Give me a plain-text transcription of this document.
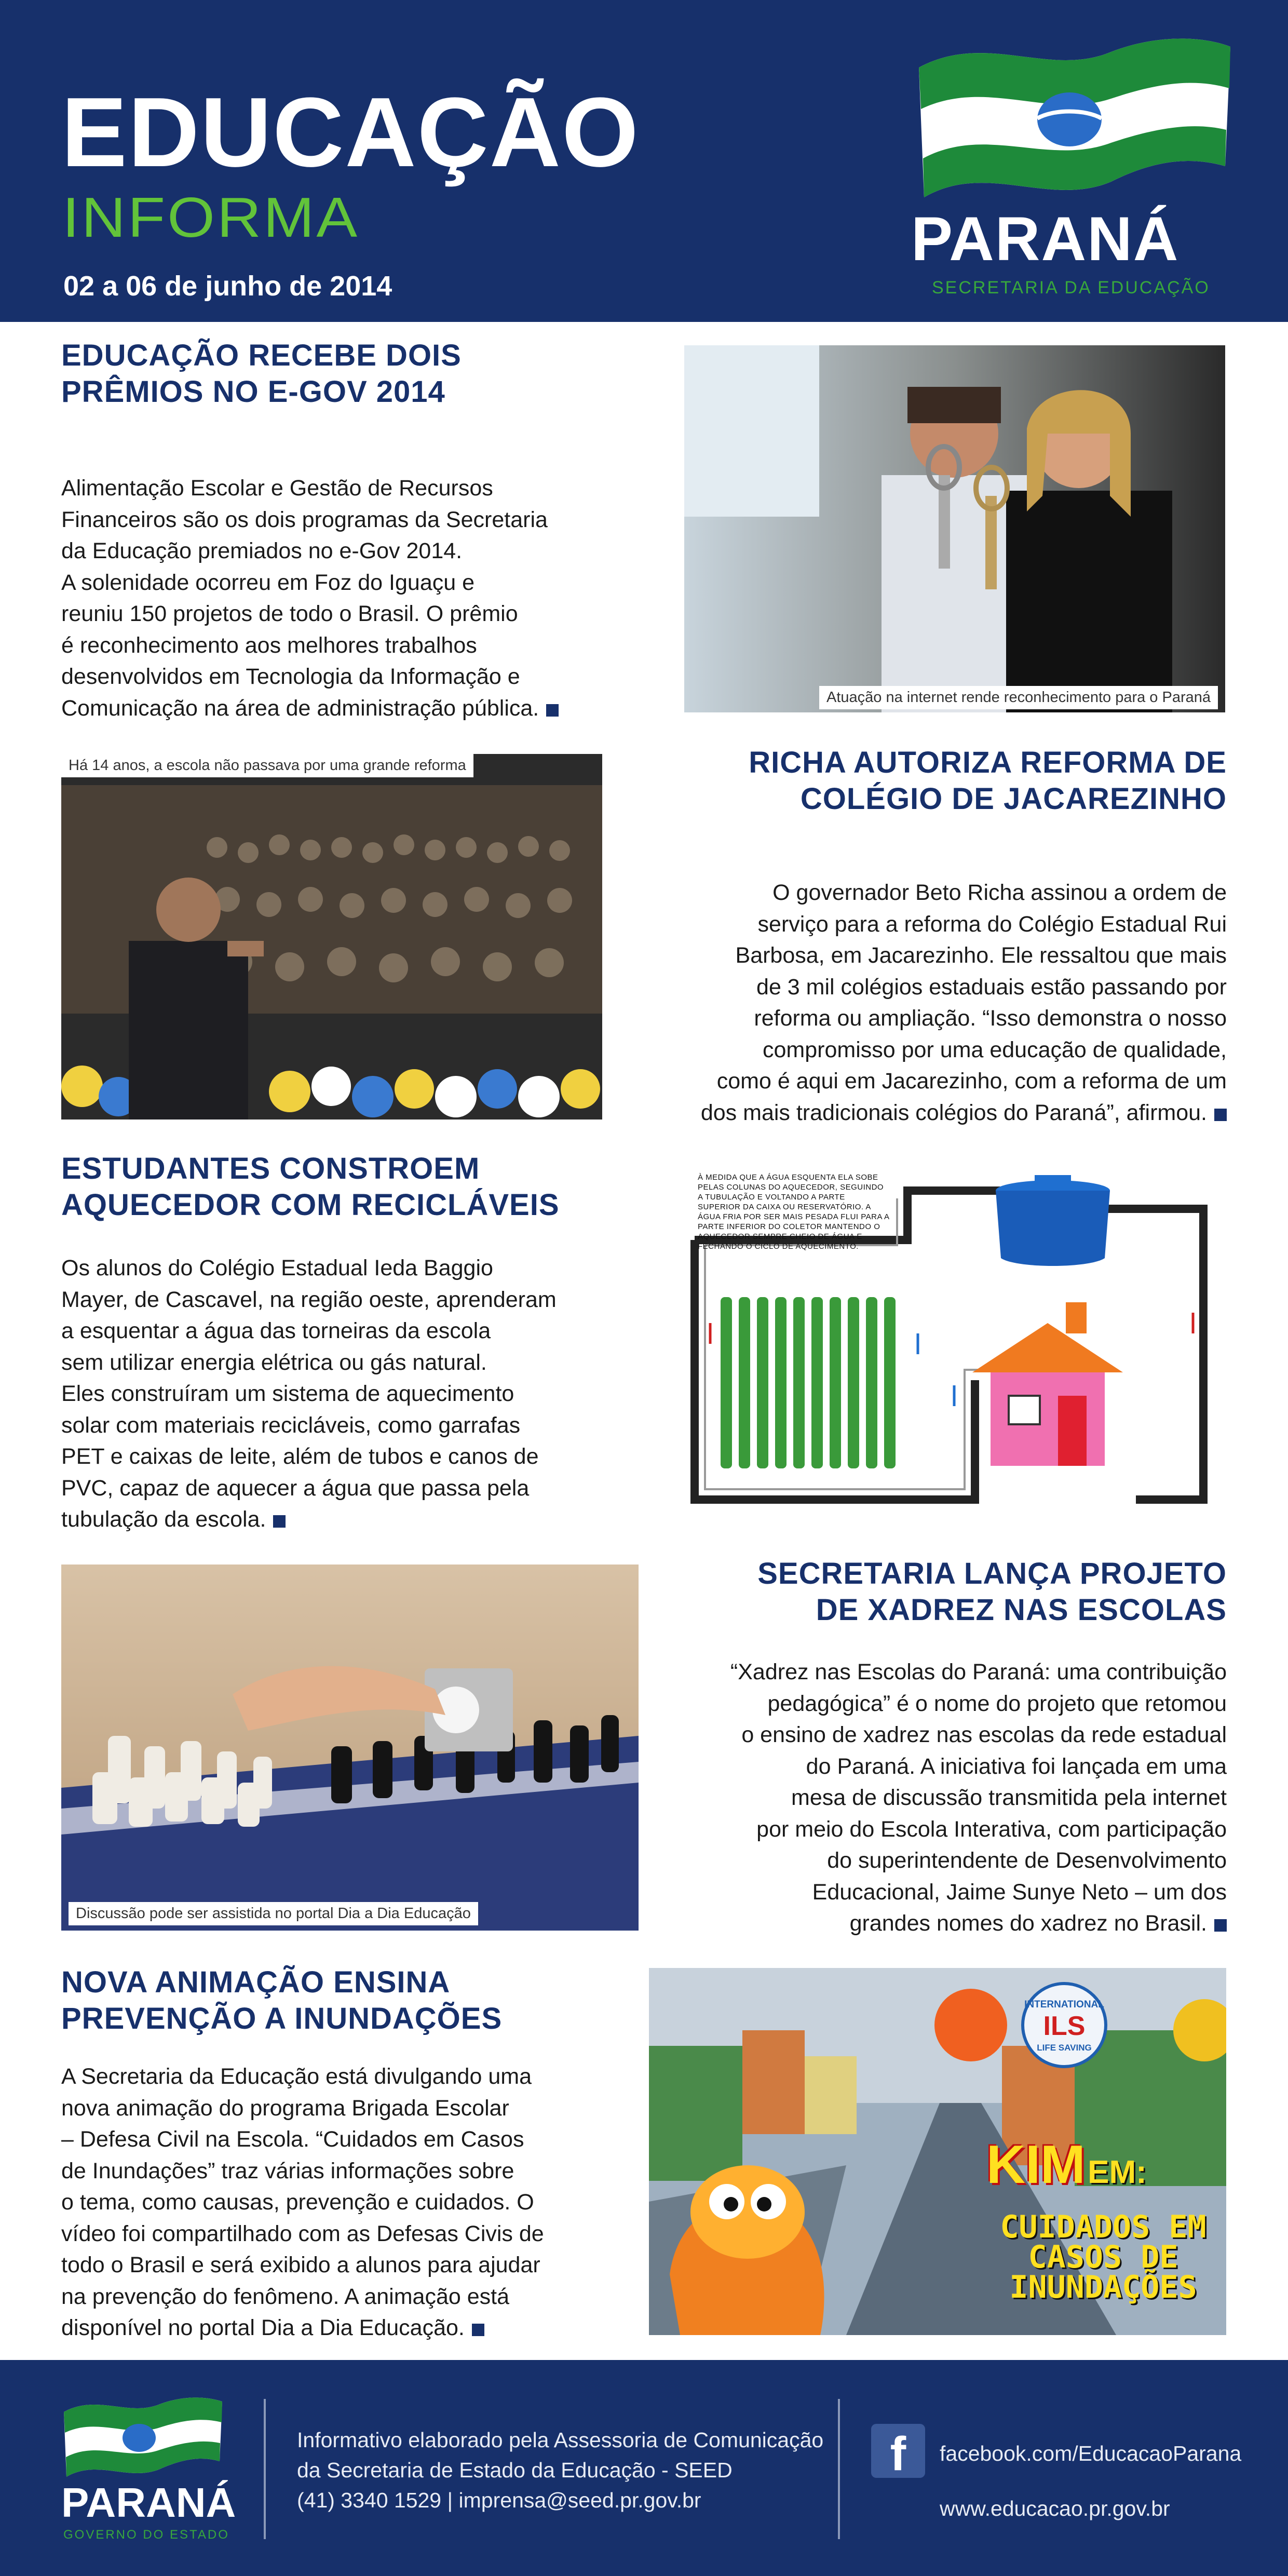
EDUCAÇÃO
INFORMA
02 a 06 de junho de 2014
PARANÁ
SECRETARIA DA EDUCAÇÃO
EDUCAÇÃO RECEBE DOIS
PRÊMIOS NO E-GOV 2014
Alimentação Escolar e Gestão de Recursos
Financeiros são os dois programas da Secretaria
da Educação premiados no e-Gov 2014.
A solenidade ocorreu em Foz do Iguaçu e
reuniu 150 projetos de todo o Brasil. O prêmio
é reconhecimento aos melhores trabalhos
desenvolvidos em Tecnologia da Informação e
Comunicação na área de administração pública.	Atuação na internet rende reconhecimento para o Paraná
Há 14 anos, a escola não passava por uma grande reforma	RICHA AUTORIZA REFORMA DE
COLÉGIO DE JACAREZINHO
O governador Beto Richa assinou a ordem de
serviço para a reforma do Colégio Estadual Rui
Barbosa, em Jacarezinho. Ele ressaltou que mais
de 3 mil colégios estaduais estão passando por
reforma ou ampliação. “Isso demonstra o nosso
compromisso por uma educação de qualidade,
como é aqui em Jacarezinho, com a reforma de um
dos mais tradicionais colégios do Paraná”, afirmou.
ESTUDANTES CONSTROEM
AQUECEDOR COM RECICLÁVEIS
Os alunos do Colégio Estadual Ieda Baggio
Mayer, de Cascavel, na região oeste, aprenderam
a esquentar a água das torneiras da escola
sem utilizar energia elétrica ou gás natural.
Eles construíram um sistema de aquecimento
solar com materiais recicláveis, como garrafas
PET e caixas de leite, além de tubos e canos de
PVC, capaz de aquecer a água que passa pela
tubulação da escola.
À MEDIDA QUE A ÁGUA ESQUENTA ELA SOBE
PELAS COLUNAS DO AQUECEDOR, SEGUINDO
A TUBULAÇÃO E VOLTANDO A PARTE
SUPERIOR DA CAIXA OU RESERVATÓRIO. A
ÁGUA FRIA POR SER MAIS PESADA FLUI PARA A
PARTE INFERIOR DO COLETOR MANTENDO O
AQUECEDOR SEMPRE CHEIO DE ÁGUA E
FECHANDO O CICLO DE AQUECIMENTO.
Discussão pode ser assistida no portal Dia a Dia Educação
SECRETARIA LANÇA PROJETO
DE XADREZ NAS ESCOLAS
“Xadrez nas Escolas do Paraná: uma contribuição
pedagógica” é o nome do projeto que retomou
o ensino de xadrez nas escolas da rede estadual
do Paraná. A iniciativa foi lançada em uma
mesa de discussão transmitida pela internet
por meio do Escola Interativa, com participação
do superintendente de Desenvolvimento
Educacional, Jaime Sunye Neto – um dos
grandes nomes do xadrez no Brasil.
NOVA ANIMAÇÃO ENSINA
PREVENÇÃO A INUNDAÇÕES
A Secretaria da Educação está divulgando uma
nova animação do programa Brigada Escolar
– Defesa Civil na Escola. “Cuidados em Casos
de Inundações” traz várias informações sobre
o tema, como causas, prevenção e cuidados. O
vídeo foi compartilhado com as Defesas Civis de
todo o Brasil e será exibido a alunos para ajudar
na prevenção do fenômeno. A animação está
disponível no portal Dia a Dia Educação.
INTERNATIONAL
ILS
LIFE SAVING
KIM EM:
CUIDADOS EM
CASOS DE
INUNDAÇÕES
PARANÁ
GOVERNO DO ESTADO
Informativo elaborado pela Assessoria de Comunicação
da Secretaria de Estado da Educação - SEED
(41) 3340 1529 | imprensa@seed.pr.gov.br
f	facebook.com/EducacaoParana
www.educacao.pr.gov.br
